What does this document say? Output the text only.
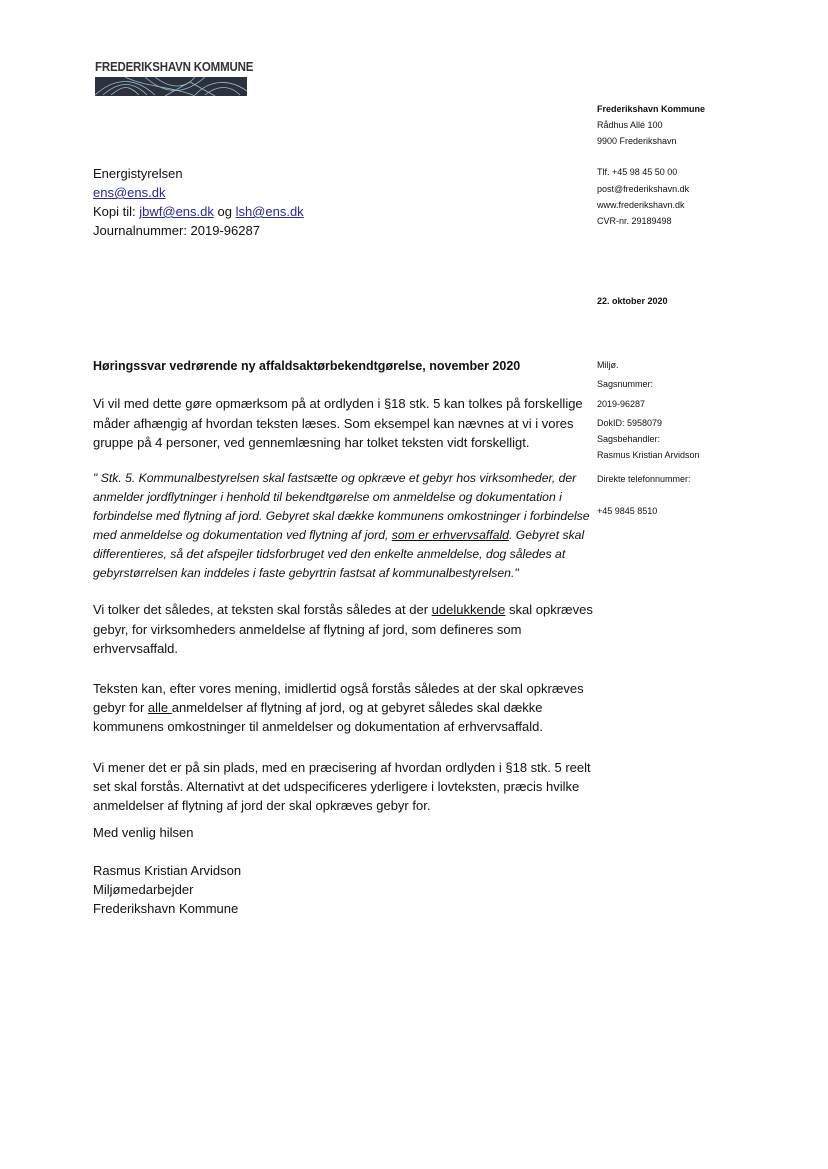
FREDERIKSHAVN KOMMUNE
Frederikshavn Kommune
Rådhus Allé 100
9900 Frederikshavn
Tlf. +45 98 45 50 00
post@frederikshavn.dk
www.frederikshavn.dk
CVR-nr. 29189498
22. oktober 2020
Energistyrelsen
ens@ens.dk
Kopi til: jbwf@ens.dk og lsh@ens.dk
Journalnummer: 2019-96287
Miljø.
Sagsnummer:
2019-96287
DokID: 5958079
Sagsbehandler:
Rasmus Kristian Arvidson
Direkte telefonnummer:
+45 9845 8510
Høringssvar vedrørende ny affaldsaktørbekendtgørelse, november 2020
Vi vil med dette gøre opmærksom på at ordlyden i §18 stk. 5 kan tolkes på forskellige
måder afhængig af hvordan teksten læses. Som eksempel kan nævnes at vi i vores
gruppe på 4 personer, ved gennemlæsning har tolket teksten vidt forskelligt.
" Stk. 5. Kommunalbestyrelsen skal fastsætte og opkræve et gebyr hos virksomheder, der
anmelder jordflytninger i henhold til bekendtgørelse om anmeldelse og dokumentation i
forbindelse med flytning af jord. Gebyret skal dække kommunens omkostninger i forbindelse
med anmeldelse og dokumentation ved flytning af jord, som er erhvervsaffald. Gebyret skal
differentieres, så det afspejler tidsforbruget ved den enkelte anmeldelse, dog således at
gebyrstørrelsen kan inddeles i faste gebyrtrin fastsat af kommunalbestyrelsen."
Vi tolker det således, at teksten skal forstås således at der udelukkende skal opkræves
gebyr, for virksomheders anmeldelse af flytning af jord, som defineres som
erhvervsaffald.
Teksten kan, efter vores mening, imidlertid også forstås således at der skal opkræves
gebyr for alle anmeldelser af flytning af jord, og at gebyret således skal dække
kommunens omkostninger til anmeldelser og dokumentation af erhvervsaffald.
Vi mener det er på sin plads, med en præcisering af hvordan ordlyden i §18 stk. 5 reelt
set skal forstås. Alternativt at det udspecificeres yderligere i lovteksten, præcis hvilke
anmeldelser af flytning af jord der skal opkræves gebyr for.
Med venlig hilsen
Rasmus Kristian Arvidson
Miljømedarbejder
Frederikshavn Kommune
